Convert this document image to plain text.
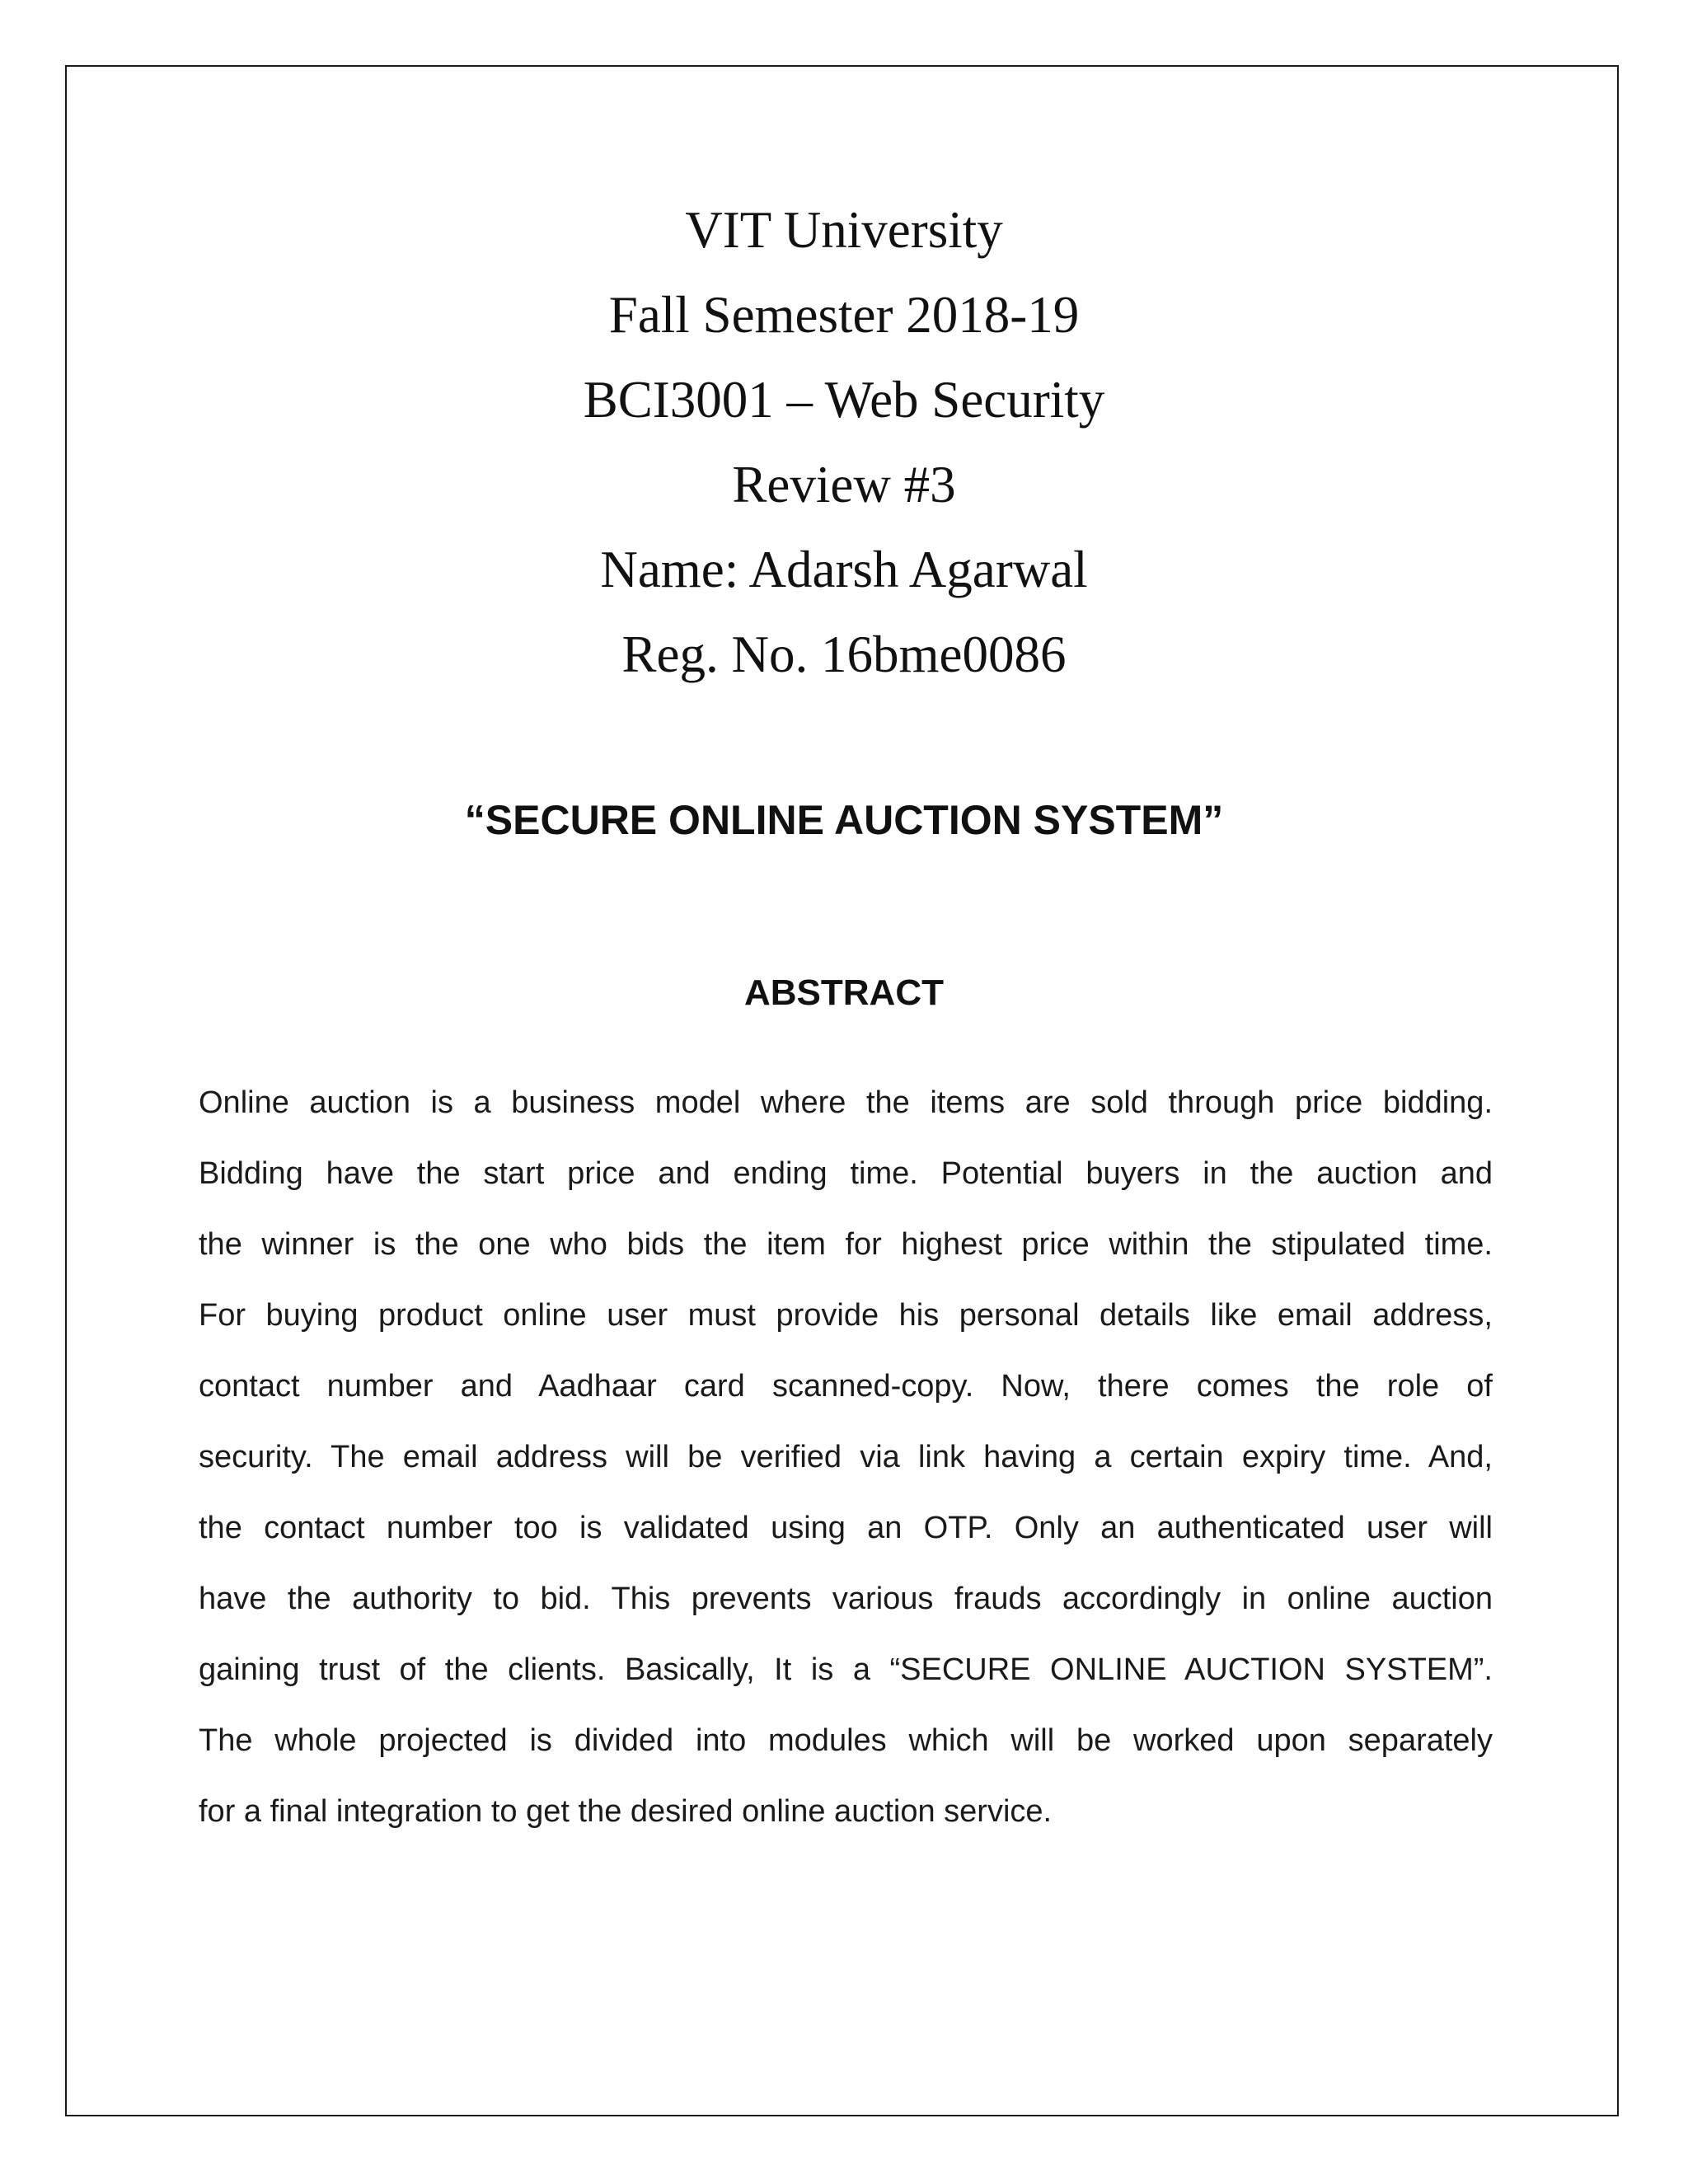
VIT University
Fall Semester 2018-19
BCI3001 – Web Security
Review #3
Name: Adarsh Agarwal
Reg. No. 16bme0086
“SECURE ONLINE AUCTION SYSTEM”
ABSTRACT
Online auction is a business model where the items are sold through price bidding.
Bidding have the start price and ending time. Potential buyers in the auction and
the winner is the one who bids the item for highest price within the stipulated time.
For buying product online user must provide his personal details like email address,
contact number and Aadhaar card scanned-copy. Now, there comes the role of
security. The email address will be verified via link having a certain expiry time. And,
the contact number too is validated using an OTP. Only an authenticated user will
have the authority to bid. This prevents various frauds accordingly in online auction
gaining trust of the clients. Basically, It is a “SECURE ONLINE AUCTION SYSTEM”.
The whole projected is divided into modules which will be worked upon separately
for a final integration to get the desired online auction service.
